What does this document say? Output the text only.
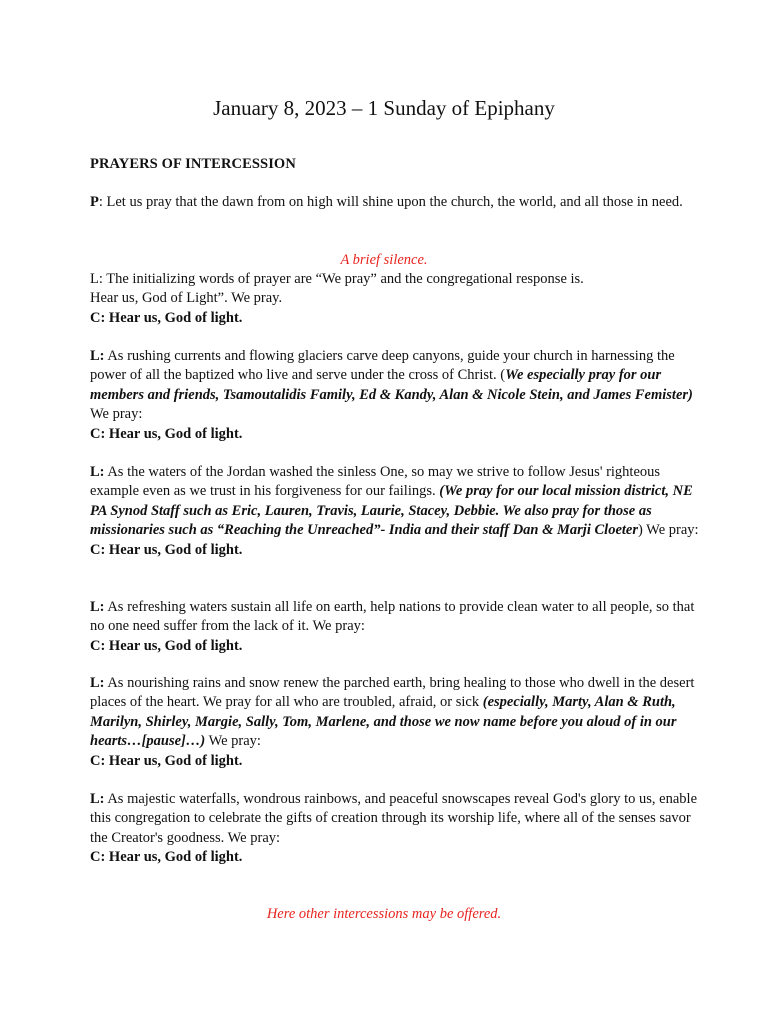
January 8, 2023 – 1 Sunday of Epiphany
PRAYERS OF INTERCESSION

P: Let us pray that the dawn from on high will shine upon the church, the world, and all those in need.

A brief silence.

L: The initializing words of prayer are “We pray” and the congregational response is.
Hear us, God of Light”. We pray.
C: Hear us, God of light.

L: As rushing currents and flowing glaciers carve deep canyons, guide your church in harnessing the power of all the baptized who live and serve under the cross of Christ. (We especially pray for our members and friends, Tsamoutalidis Family, Ed & Kandy, Alan & Nicole Stein, and James Femister) We pray:
C: Hear us, God of light.

L: As the waters of the Jordan washed the sinless One, so may we strive to follow Jesus' righteous example even as we trust in his forgiveness for our failings. (We pray for our local mission district, NE PA Synod Staff such as Eric, Lauren, Travis, Laurie, Stacey, Debbie. We also pray for those as missionaries such as “Reaching the Unreached”- India and their staff Dan & Marji Cloeter) We pray:
C: Hear us, God of light.

L: As refreshing waters sustain all life on earth, help nations to provide clean water to all people, so that no one need suffer from the lack of it. We pray:
C: Hear us, God of light.

L: As nourishing rains and snow renew the parched earth, bring healing to those who dwell in the desert places of the heart. We pray for all who are troubled, afraid, or sick (especially, Marty, Alan & Ruth, Marilyn, Shirley, Margie, Sally, Tom, Marlene, and those we now name before you aloud of in our hearts…[pause]…) We pray:
C: Hear us, God of light.

L: As majestic waterfalls, wondrous rainbows, and peaceful snowscapes reveal God's glory to us, enable this congregation to celebrate the gifts of creation through its worship life, where all of the senses savor the Creator's goodness. We pray:
C: Hear us, God of light.

Here other intercessions may be offered.
